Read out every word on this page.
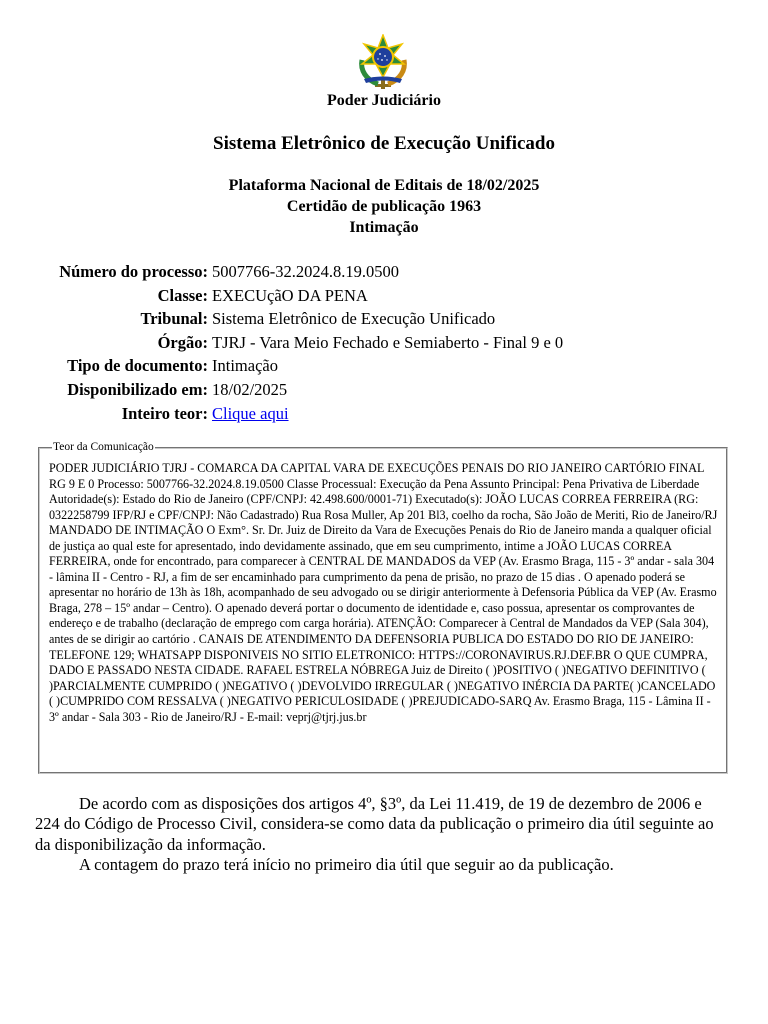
Poder Judiciário
Sistema Eletrônico de Execução Unificado
Plataforma Nacional de Editais de 18/02/2025
Certidão de publicação 1963
Intimação
Número do processo:	5007766-32.2024.8.19.0500
Classe:	EXECUçãO DA PENA
Tribunal:	Sistema Eletrônico de Execução Unificado
Órgão:	TJRJ - Vara Meio Fechado e Semiaberto - Final 9 e 0
Tipo de documento:	Intimação
Disponibilizado em:	18/02/2025
Inteiro teor:	Clique aqui
Teor da Comunicação
PODER JUDICIÁRIO TJRJ - COMARCA DA CAPITAL VARA DE EXECUÇÕES PENAIS DO RIO JANEIRO CARTÓRIO FINAL RG 9 E 0 Processo: 5007766-32.2024.8.19.0500 Classe Processual: Execução da Pena Assunto Principal: Pena Privativa de Liberdade Autoridade(s): Estado do Rio de Janeiro (CPF/CNPJ: 42.498.600/0001-71) Executado(s): JOÃO LUCAS CORREA FERREIRA (RG: 0322258799 IFP/RJ e CPF/CNPJ: Não Cadastrado) Rua Rosa Muller, Ap 201 Bl3, coelho da rocha, São João de Meriti, Rio de Janeiro/RJ MANDADO DE INTIMAÇÃO O Exm°. Sr. Dr. Juiz de Direito da Vara de Execuções Penais do Rio de Janeiro manda a qualquer oficial de justiça ao qual este for apresentado, indo devidamente assinado, que em seu cumprimento, intime a JOÃO LUCAS CORREA FERREIRA, onde for encontrado, para comparecer à CENTRAL DE MANDADOS da VEP (Av. Erasmo Braga, 115 - 3º andar - sala 304 - lâmina II - Centro - RJ, a fim de ser encaminhado para cumprimento da pena de prisão, no prazo de 15 dias . O apenado poderá se apresentar no horário de 13h às 18h, acompanhado de seu advogado ou se dirigir anteriormente à Defensoria Pública da VEP (Av. Erasmo Braga, 278 – 15º andar – Centro). O apenado deverá portar o documento de identidade e, caso possua, apresentar os comprovantes de endereço e de trabalho (declaração de emprego com carga horária). ATENÇÃO: Comparecer à Central de Mandados da VEP (Sala 304), antes de se dirigir ao cartório . CANAIS DE ATENDIMENTO DA DEFENSORIA PUBLICA DO ESTADO DO RIO DE JANEIRO: TELEFONE 129; WHATSAPP DISPONIVEIS NO SITIO ELETRONICO: HTTPS://CORONAVIRUS.RJ.DEF.BR O QUE CUMPRA, DADO E PASSADO NESTA CIDADE. RAFAEL ESTRELA NÓBREGA Juiz de Direito ( )POSITIVO ( )NEGATIVO DEFINITIVO ( )PARCIALMENTE CUMPRIDO ( )NEGATIVO ( )DEVOLVIDO IRREGULAR ( )NEGATIVO INÉRCIA DA PARTE( )CANCELADO ( )CUMPRIDO COM RESSALVA ( )NEGATIVO PERICULOSIDADE ( )PREJUDICADO-SARQ Av. Erasmo Braga, 115 - Lâmina II - 3º andar - Sala 303 - Rio de Janeiro/RJ - E-mail: veprj@tjrj.jus.br

De acordo com as disposições dos artigos 4º, §3º, da Lei 11.419, de 19 de dezembro de 2006 e 224 do Código de Processo Civil, considera-se como data da publicação o primeiro dia útil seguinte ao da disponibilização da informação.

A contagem do prazo terá início no primeiro dia útil que seguir ao da publicação.
